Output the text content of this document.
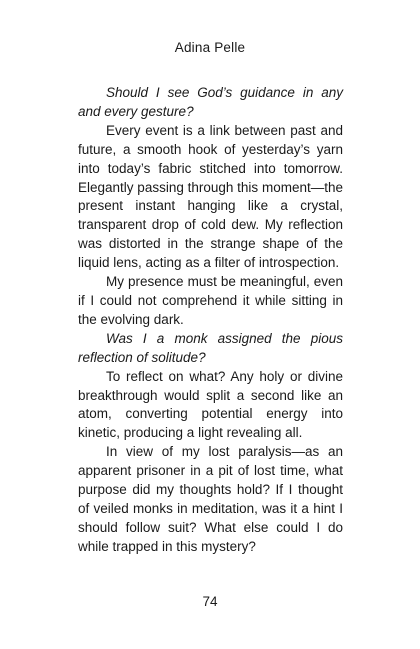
Adina Pelle

Should I see God’s guidance in any and every gesture?

Every event is a link between past and future, a smooth hook of yesterday’s yarn into today’s fabric stitched into tomorrow. Elegantly passing through this moment—the present instant hanging like a crystal, transparent drop of cold dew. My reflection was distorted in the strange shape of the liquid lens, acting as a filter of introspection.

My presence must be meaningful, even if I could not comprehend it while sitting in the evolving dark.

Was I a monk assigned the pious reflection of solitude?

To reflect on what? Any holy or divine breakthrough would split a second like an atom, converting potential energy into kinetic, producing a light revealing all.

In view of my lost paralysis—as an apparent prisoner in a pit of lost time, what purpose did my thoughts hold? If I thought of veiled monks in meditation, was it a hint I should follow suit? What else could I do while trapped in this mystery?

74
